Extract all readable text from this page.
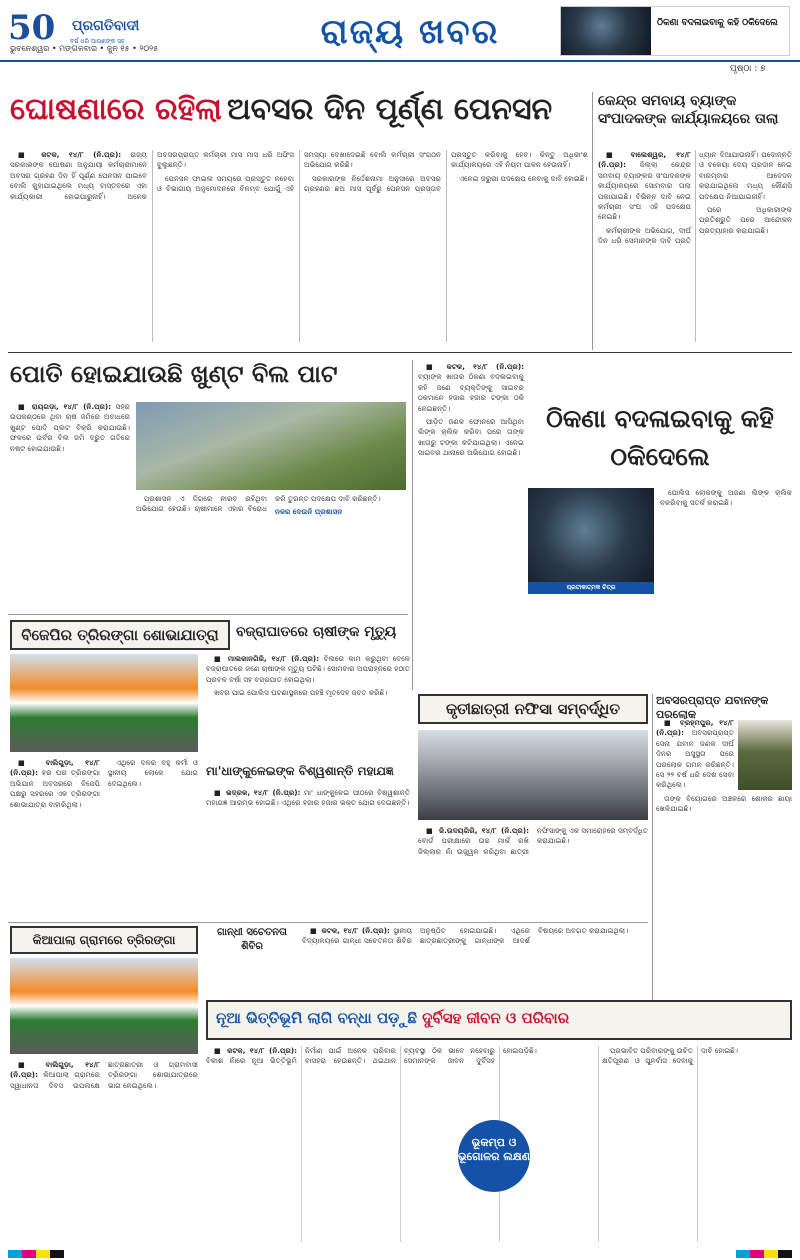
50 ପ୍ରଗତିବାଦୀ
ବର୍ଷ ଧରି ଆପଣଙ୍କ ସହ
ଭୁବନେଶ୍ୱର • ମଙ୍ଗଳବାର • ଜୁନ ୧୫ • ୨୦୨୫	ରାଜ୍ୟ ଖବର	ଠିକଣା ବଦଳାଇବାକୁ କହି ଠକିଦେଲେ
ପୃଷ୍ଠା : ୭
ଘୋଷଣାରେ ରହିଲା ଅବସର ଦିନ ପୂର୍ଣ୍ଣ ପେନସନ

■ କଟକ, ୧୪/୮ (ନି.ପ୍ର): ରାଜ୍ୟ ସରକାରଙ୍କ ଘୋଷଣା ଅନୁଯାୟୀ କର୍ମଚାରୀମାନେ ଅବସର ଗ୍ରହଣ ଦିନ ହିଁ ପୂର୍ଣ୍ଣ ପେନସନ ପାଇବେ ବୋଲି କୁହାଯାଇଥିଲେ ମଧ୍ୟ ବାସ୍ତବରେ ଏହା କାର୍ଯ୍ୟକାରୀ ହୋଇପାରୁନାହିଁ। ଅନେକ ଅବସରପ୍ରାପ୍ତ କର୍ମଚାରୀ ମାସ ମାସ ଧରି ଅଫିସ ବୁଲୁଛନ୍ତି।

ପେନସନ ଫାଇଲ ସମୟରେ ପ୍ରସ୍ତୁତ ନହେବା ଓ ବିଭାଗୀୟ ଅନୁମୋଦନରେ ବିଳମ୍ବ ଯୋଗୁଁ ଏହି ସମସ୍ୟା ଦେଖାଦେଇଛି ବୋଲି କର୍ମଚାରୀ ସଂଗଠନ ଅଭିଯୋଗ କରିଛି।

ସରକାରଙ୍କ ନିର୍ଦ୍ଦେଶନାମା ଅନୁସାରେ ଅବସର ଗ୍ରହଣର ଛଅ ମାସ ପୂର୍ବରୁ ପେନସନ ପ୍ରସ୍ତାବ ପ୍ରସ୍ତୁତ କରିବାକୁ ହେବ। କିନ୍ତୁ ଅଧିକାଂଶ କାର୍ଯ୍ୟାଳୟରେ ଏହି ନିୟମ ପାଳନ ହେଉନାହିଁ।

ଏନେଇ ଜରୁରୀ ପଦକ୍ଷେପ ନେବାକୁ ଦାବି ହୋଇଛି।

କେନ୍ଦ୍ର ସମବାୟ ବ୍ୟାଙ୍କ ସଂପାଦକଙ୍କ କାର୍ଯ୍ୟାଳୟରେ ତାଲା

■ ବାଲେଶ୍ୱର, ୧୪/୮ (ନି.ପ୍ର): ଜିଲ୍ଲା କେନ୍ଦ୍ର ସମବାୟ ବ୍ୟାଙ୍କର ସଂପାଦକଙ୍କ କାର୍ଯ୍ୟାଳୟରେ ସୋମବାର ତାଲା ପକାଯାଇଛି। ବିଭିନ୍ନ ଦାବି ନେଇ କର୍ମଚାରୀ ସଂଘ ଏହି ପଦକ୍ଷେପ ନେଇଛି।

କର୍ମଚାରୀଙ୍କ ଅଭିଯୋଗ, ଦୀର୍ଘ ଦିନ ଧରି ସେମାନଙ୍କ ଦାବି ପ୍ରତି ଧ୍ୟାନ ଦିଆଯାଉନାହିଁ। ପଦୋନ୍ନତି ଓ ବକେୟା ଦେୟ ପ୍ରଦାନ ନେଇ ବାରମ୍ବାର ଆବେଦନ କରାଯାଇଥିଲେ ମଧ୍ୟ କୌଣସି ପଦକ୍ଷେପ ନିଆଯାଇନାହିଁ।

ପରେ ଅଧିକାରୀଙ୍କ ପ୍ରତିଶ୍ରୁତି ପରେ ଆନ୍ଦୋଳନ ପ୍ରତ୍ୟାହାର କରାଯାଇଛି।

ପୋତି ହୋଇଯାଉଛି ଖୁଣ୍ଟ ବିଲ ପାଟ

■ ରାୟଗଡ଼ା, ୧୪/୮ (ନି.ପ୍ର): ସହର ଉପକଣ୍ଠରେ ଥିବା ଚାଷ ଜମିରେ ଅବାଧରେ ଖୁଣ୍ଟ ପୋତି ପ୍ଲଟ ବିକ୍ରି କରାଯାଉଛି। ଫଳରେ ଉର୍ବର ବିଲ ଜମି ଦ୍ରୁତ ଗତିରେ ନଷ୍ଟ ହୋଇଯାଉଛି।

ପ୍ରଶାସନ ଏ ଦିଗରେ ନୀରବ ରହିଥିବା ଅଭିଯୋଗ ହେଉଛି। ଚାଷୀମାନେ ଏହାର ବିରୋଧ କରି ତୁରନ୍ତ ପଦକ୍ଷେପ ଦାବି କରିଛନ୍ତି।

ନଜର ଦେଉନି ପ୍ରଶାସନ

■ କଟକ, ୧୪/୮ (ନି.ପ୍ର): ବ୍ୟାଙ୍କ ଖାତାର ଠିକଣା ବଦଳାଇବାକୁ କହି ଜଣେ ବ୍ୟକ୍ତିଙ୍କୁ ସାଇବର ଠକମାନେ ହଜାର ହଜାର ଟଙ୍କା ଠକି ନେଇଛନ୍ତି।

ପୀଡ଼ିତ ଜଣକ ଫୋନରେ ଆସିଥିବା ଲିଙ୍କ କ୍ଲିକ କରିବା ପରେ ତାଙ୍କ ଖାତାରୁ ଟଙ୍କା କଟିଯାଇଥିଲା। ଏନେଇ ସାଇବର ଥାନାରେ ଅଭିଯୋଗ ହୋଇଛି।

ଠିକଣା ବଦଳାଇବାକୁ କହି ଠକିଦେଲେ
ପ୍ରତୀକାତ୍ମକ ଚିତ୍ର

ପୋଲିସ ଲୋକଙ୍କୁ ଅଜଣା ଲିଙ୍କ କ୍ଲିକ ନକରିବାକୁ ସତର୍କ କରାଇଛି।

ବିଜେପିର ତ୍ରିରଙ୍ଗା ଶୋଭାଯାତ୍ରା

■ ବାଲିଗୁଡ଼ା, ୧୪/୮ (ନି.ପ୍ର): ହର ଘର ତ୍ରିରଙ୍ଗା ଅଭିଯାନ ଅବସରରେ ବିଜେପି ପକ୍ଷରୁ ସହରରେ ଏକ ତ୍ରିରଙ୍ଗା ଶୋଭାଯାତ୍ରା ବାହାରିଥିଲା।

ଏଥିରେ ଦଳର ବହୁ କର୍ମୀ ଓ ସ୍ଥାନୀୟ ଲୋକେ ଯୋଗ ଦେଇଥିଲେ।

ବଜ୍ରାଘାତରେ ଚାଷୀଙ୍କ ମୃତ୍ୟୁ

■ ମାଲକାନଗିରି, ୧୪/୮ (ନି.ପ୍ର): ବିଲରେ କାମ କରୁଥିବା ବେଳେ ବଜ୍ରାଘାତରେ ଜଣେ ଚାଷୀଙ୍କ ମୃତ୍ୟୁ ଘଟିଛି। ସୋମବାର ଅପରାହ୍ନରେ ହଠାତ ପ୍ରବଳ ବର୍ଷା ସହ ବଜ୍ରପାତ ହୋଇଥିଲା।

ଖବର ପାଇ ପୋଲିସ ଘଟଣାସ୍ଥଳରେ ପହଞ୍ଚି ମୃତଦେହ ଜବତ କରିଛି।

ମା'ଧାଙ୍କୁଳେଇଙ୍କ ବିଶ୍ୱଶାନ୍ତି ମହାଯଜ୍ଞ

■ ଭଦ୍ରକ, ୧୪/୮ (ନି.ପ୍ର): ମା' ଧାଙ୍କୁଳେଇ ପୀଠରେ ବିଶ୍ୱଶାନ୍ତି ମହାଯଜ୍ଞ ଆରମ୍ଭ ହୋଇଛି। ଏଥିରେ ହଜାର ହଜାର ଭକ୍ତ ଯୋଗ ଦେଇଛନ୍ତି।

କୃତୀଛାତ୍ରୀ ନଫିସା ସମ୍ବର୍ଦ୍ଧିତ

■ ଜି.ଉଦୟଗିରି, ୧୪/୮ (ନି.ପ୍ର): ବୋର୍ଡ ପରୀକ୍ଷାରେ ଉଚ୍ଚ ମାର୍କ ରଖି ଜିଲ୍ଲାର ନାଁ ଉଜ୍ଜ୍ୱଳ କରିଥିବା ଛାତ୍ରୀ ନଫିସାଙ୍କୁ ଏକ ସମାରୋହରେ ସମ୍ବର୍ଦ୍ଧିତ କରାଯାଇଛି।

ଅବସରପ୍ରାପ୍ତ ଯବାନଙ୍କ ପରଲୋକ

■ ବ୍ରହ୍ମପୁର, ୧୪/୮ (ନି.ପ୍ର): ଅବସରପ୍ରାପ୍ତ ସେନା ଯବାନ ଜଣକ ଦୀର୍ଘ ଦିନର ଅସୁସ୍ଥତା ପରେ ପରଲୋକ ଗମନ କରିଛନ୍ତି। ସେ ୨୨ ବର୍ଷ ଧରି ଦେଶ ସେବା କରିଥିଲେ।

ତାଙ୍କ ବିୟୋଗରେ ଅଞ୍ଚଳରେ ଶୋକର ଛାୟା ଖେଳିଯାଇଛି।

କିଆପାଲା ଗ୍ରାମରେ ତ୍ରିରଙ୍ଗା

■ ବାଲିଗୁଡ଼ା, ୧୪/୮ (ନି.ପ୍ର): କିଆପାଲା ଗ୍ରାମରେ ସ୍ୱାଧୀନତା ଦିବସ ଉପଲକ୍ଷେ ଛାତ୍ରଛାତ୍ରୀ ଓ ଗ୍ରାମବାସୀ ତ୍ରିରଙ୍ଗା ଶୋଭାଯାତ୍ରାରେ ଭାଗ ନେଇଥିଲେ।

ଗାନ୍ଧୀ ସଚେତନତା ଶିବିର

■ କଟକ, ୧୪/୮ (ନି.ପ୍ର): ସ୍ଥାନୀୟ ବିଦ୍ୟାଳୟରେ ଗାନ୍ଧୀ ସଚେତନତା ଶିବିର ଅନୁଷ୍ଠିତ ହୋଇଯାଇଛି। ଏଥିରେ ଛାତ୍ରଛାତ୍ରୀଙ୍କୁ ଗାନ୍ଧୀଙ୍କ ଆଦର୍ଶ ବିଷୟରେ ଅବଗତ କରାଯାଇଥିଲା।

ନୂଆ ଭିତ୍ତିଭୂମି ଲାଗି ବନ୍ଧା ପଡ଼ୁଛି ଦୁର୍ବିସହ ଜୀବନ ଓ ପରିବାର

■ କଟକ, ୧୪/୮ (ନି.ପ୍ର): ବିକାଶ ନାଁରେ ନୂଆ ଭିତ୍ତିଭୂମି ନିର୍ମାଣ ପାଇଁ ଅନେକ ପରିବାର ବାସହରା ହେଉଛନ୍ତି। ଥଇଥାନ ବ୍ୟବସ୍ଥା ଠିକ ଭାବେ ନହେବାରୁ ସେମାନଙ୍କ ଜୀବନ ଦୁର୍ବିସହ ହୋଇପଡ଼ିଛି।	ପ୍ରଭାବିତ ପରିବାରଙ୍କୁ ଉଚିତ କ୍ଷତିପୂରଣ ଓ ପୁନର୍ବାସ ଦେବାକୁ ଦାବି ହୋଇଛି।

ଭୂକମ୍ପ ଓ ଭୂଗୋଳର ଲକ୍ଷଣ
